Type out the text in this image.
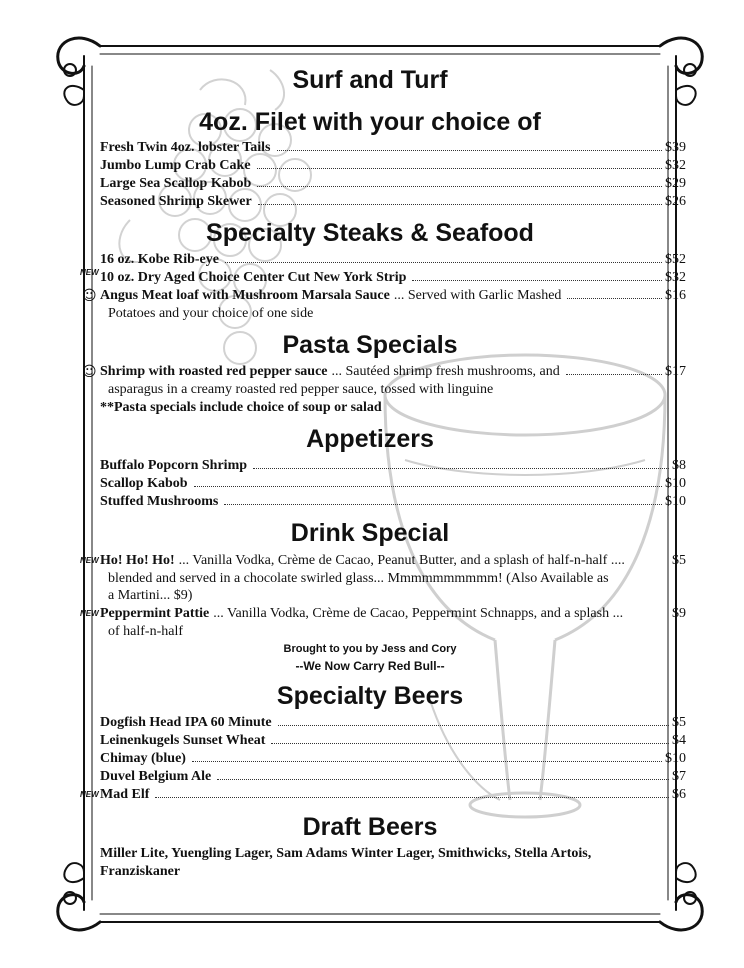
Surf and Turf
4oz. Filet with your choice of
Fresh Twin 4oz. lobster Tails	$39
Jumbo Lump Crab Cake	$32
Large Sea Scallop Kabob	$29
Seasoned Shrimp Skewer	$26
Specialty Steaks & Seafood
16 oz. Kobe Rib-eye	$52
NEW 10 oz. Dry Aged Choice Center Cut New York Strip	$32
☺ Angus Meat loaf with Mushroom Marsala Sauce ... Served with Garlic Mashed	$16
Potatoes and your choice of one side
Pasta Specials
☺ Shrimp with roasted red pepper sauce ... Sautéed shrimp fresh mushrooms, and	$17
asparagus in a creamy roasted red pepper sauce, tossed with linguine
**Pasta specials include choice of soup or salad
Appetizers
Buffalo Popcorn Shrimp	$8
Scallop Kabob	$10
Stuffed Mushrooms	$10
Drink Special
NEW Ho! Ho! Ho! ... Vanilla Vodka, Crème de Cacao, Peanut Butter, and a splash of half-n-half ....	$5
blended and served in a chocolate swirled glass... Mmmmmmmmmm! (Also Available as
a Martini... $9)
NEW Peppermint Pattie ... Vanilla Vodka, Crème de Cacao, Peppermint Schnapps, and a splash ...	$9
of half-n-half
Brought to you by Jess and Cory
--We Now Carry Red Bull--
Specialty Beers
Dogfish Head IPA 60 Minute	$5
Leinenkugels Sunset Wheat	$4
Chimay (blue)	$10
Duvel Belgium Ale	$7
NEW Mad Elf	$6
Draft Beers
Miller Lite, Yuengling Lager, Sam Adams Winter Lager, Smithwicks, Stella Artois,
Franziskaner
